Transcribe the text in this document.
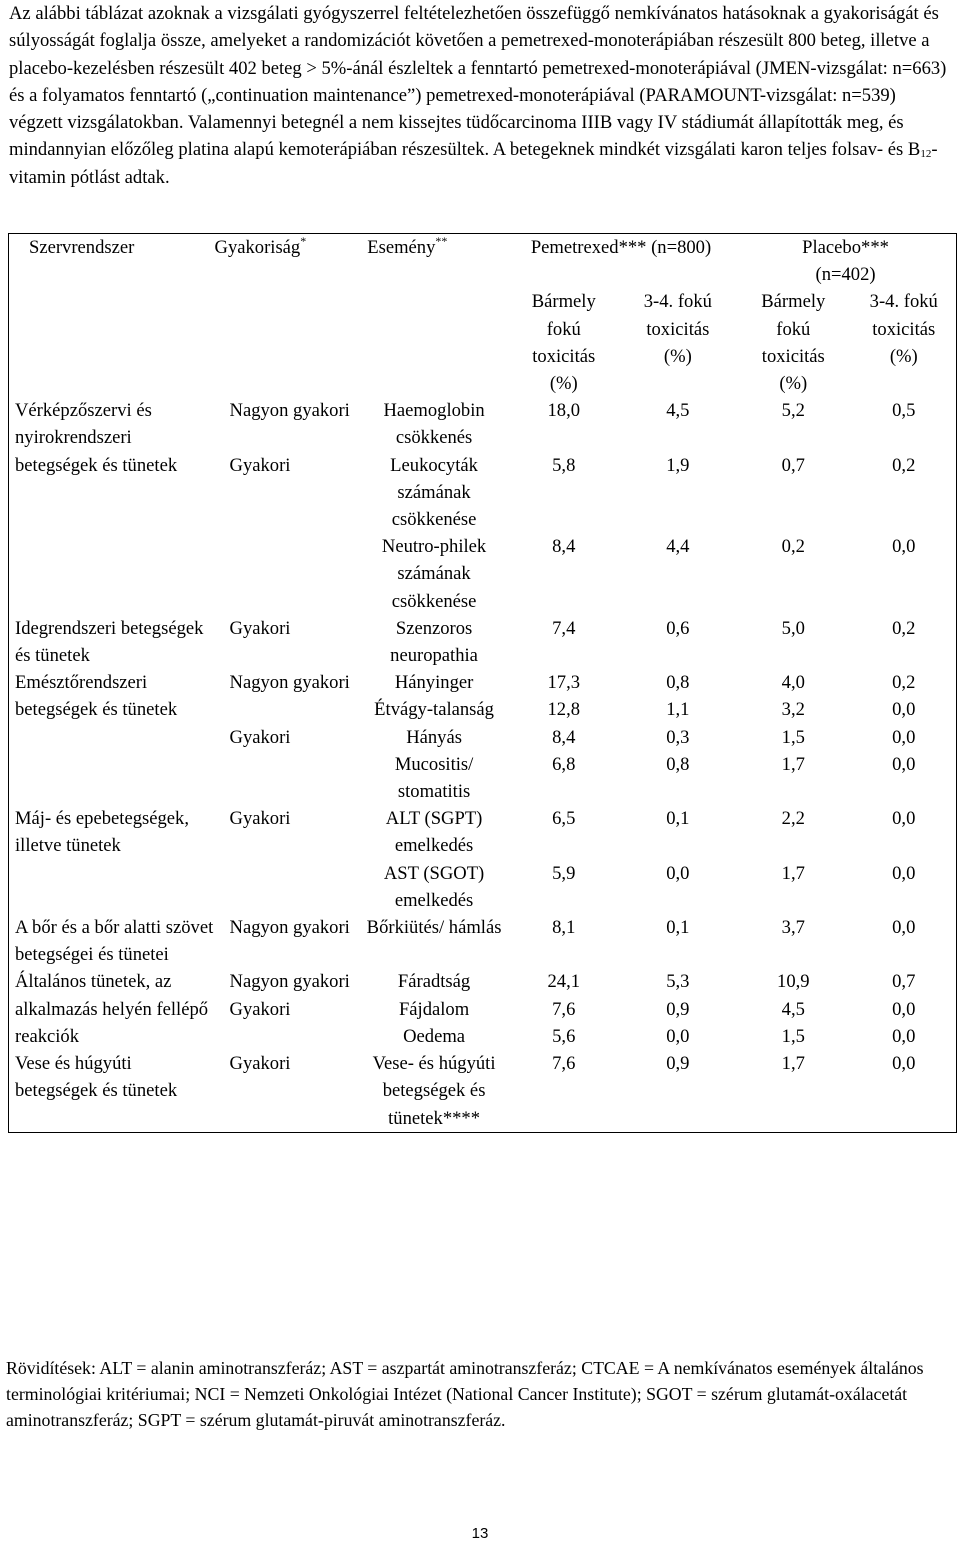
Az alábbi táblázat azoknak a vizsgálati gyógyszerrel feltételezhetően összefüggő nemkívánatos hatásoknak a gyakoriságát és súlyosságát foglalja össze, amelyeket a randomizációt követően a pemetrexed-monoterápiában részesült 800 beteg, illetve a placebo-kezelésben részesült 402 beteg > 5%-ánál észleltek a fenntartó pemetrexed-monoterápiával (JMEN-vizsgálat: n=663) és a folyamatos fenntartó („continuation maintenance”) pemetrexed-monoterápiával (PARAMOUNT-vizsgálat: n=539) végzett vizsgálatokban. Valamennyi betegnél a nem kissejtes tüdőcarcinoma IIIB vagy IV stádiumát állapították meg, és mindannyian előzőleg platina alapú kemoterápiában részesültek. A betegeknek mindkét vizsgálati karon teljes folsav- és B12-vitamin pótlást adtak.
Szervrendszer	Gyakoriság*	Esemény**	Pemetrexed*** (n=800)		Placebo*** (n=402)	
			Bármely fokú toxicitás (%)	3-4. fokú toxicitás (%)	Bármely fokú toxicitás (%)	3-4. fokú toxicitás (%)
Vérképzőszervi és nyirokrendszeri betegségek és tünetek	Nagyon gyakori	Haemoglobin csökkenés	18,0	4,5	5,2	0,5
	Gyakori	Leukocyták számának csökkenése	5,8	1,9	0,7	0,2
		Neutro-philek számának csökkenése	8,4	4,4	0,2	0,0
Idegrendszeri betegségek és tünetek	Gyakori	Szenzoros neuropathia	7,4	0,6	5,0	0,2
Emésztőrendszeri betegségek és tünetek	Nagyon gyakori	Hányinger	17,3	0,8	4,0	0,2
		Étvágy-talanság	12,8	1,1	3,2	0,0
	Gyakori	Hányás	8,4	0,3	1,5	0,0
		Mucositis/ stomatitis	6,8	0,8	1,7	0,0
Máj- és epebetegségek, illetve tünetek	Gyakori	ALT (SGPT) emelkedés	6,5	0,1	2,2	0,0
		AST (SGOT) emelkedés	5,9	0,0	1,7	0,0
A bőr és a bőr alatti szövet betegségei és tünetei	Nagyon gyakori	Bőrkiütés/ hámlás	8,1	0,1	3,7	0,0
Általános tünetek, az alkalmazás helyén fellépő reakciók	Nagyon gyakori	Fáradtság	24,1	5,3	10,9	0,7
	Gyakori	Fájdalom	7,6	0,9	4,5	0,0
		Oedema	5,6	0,0	1,5	0,0
Vese és húgyúti betegségek és tünetek	Gyakori	Vese- és húgyúti betegségek és tünetek****	7,6	0,9	1,7	0,0
Rövidítések: ALT = alanin aminotranszferáz; AST = aszpartát aminotranszferáz; CTCAE = A nemkívánatos események általános terminológiai kritériumai; NCI = Nemzeti Onkológiai Intézet (National Cancer Institute); SGOT = szérum glutamát-oxálacetát aminotranszferáz; SGPT = szérum glutamát-piruvát aminotranszferáz.
13
